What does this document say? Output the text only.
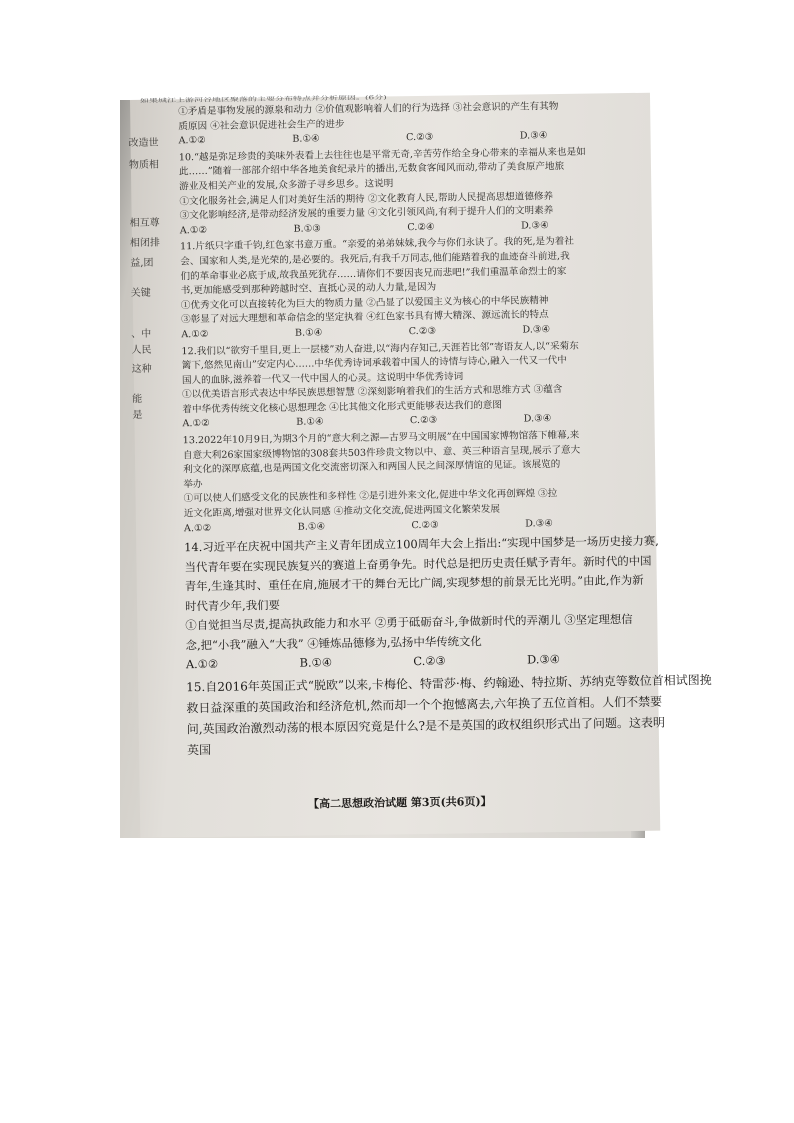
如果城江上游河谷地区聚落的主要分布特点并分析原因。(6分)
改造世
物质相
相互尊
相闭排
益,团
关键
、中
人民
这种
能
是
①矛盾是事物发展的源泉和动力 ②价值观影响着人们的行为选择 ③社会意识的产生有其物
质原因 ④社会意识促进社会生产的进步
A.①②	B.①④	C.②③	D.③④
10.“越是弥足珍贵的美味外表看上去往往也是平常无奇,辛苦劳作给全身心带来的幸福从来也是如
此……”随着一部部介绍中华各地美食纪录片的播出,无数食客闻风而动,带动了美食原产地旅
游业及相关产业的发展,众多游子寻乡思乡。这说明
①文化服务社会,满足人们对美好生活的期待 ②文化教育人民,帮助人民提高思想道德修养
③文化影响经济,是带动经济发展的重要力量 ④文化引领风尚,有利于提升人们的文明素养
A.①②	B.①③	C.②④	D.③④
11.片纸只字重千钧,红色家书意万重。“亲爱的弟弟妹妹,我今与你们永诀了。我的死,是为着社
会、国家和人类,是光荣的,是必要的。我死后,有我千万同志,他们能踏着我的血迹奋斗前进,我
们的革命事业必底于成,故我虽死犹存……请你们不要因丧兄而悲吧!”我们重温革命烈士的家
书,更加能感受到那种跨越时空、直抵心灵的动人力量,是因为
①优秀文化可以直接转化为巨大的物质力量 ②凸显了以爱国主义为核心的中华民族精神
③彰显了对远大理想和革命信念的坚定执着 ④红色家书具有博大精深、源远流长的特点
A.①②	B.①④	C.②③	D.③④
12.我们以“欲穷千里目,更上一层楼”劝人奋进,以“海内存知己,天涯若比邻”寄语友人,以“采菊东
篱下,悠然见南山”安定内心……中华优秀诗词承载着中国人的诗情与诗心,融入一代又一代中
国人的血脉,滋养着一代又一代中国人的心灵。这说明中华优秀诗词
①以优美语言形式表达中华民族思想智慧 ②深刻影响着我们的生活方式和思维方式 ③蕴含
着中华优秀传统文化核心思想理念 ④比其他文化形式更能够表达我们的意图
A.①②	B.①④	C.②③	D.③④
13.2022年10月9日,为期3个月的“意大利之源—古罗马文明展”在中国国家博物馆落下帷幕,来
自意大利26家国家级博物馆的308套共503件珍贵文物以中、意、英三种语言呈现,展示了意大
利文化的深厚底蕴,也是两国文化交流密切深入和两国人民之间深厚情谊的见证。该展览的
举办
①可以使人们感受文化的民族性和多样性 ②是引进外来文化,促进中华文化再创辉煌 ③拉
近文化距离,增强对世界文化认同感 ④推动文化交流,促进两国文化繁荣发展
A.①②	B.①④	C.②③	D.③④
14.习近平在庆祝中国共产主义青年团成立100周年大会上指出:“实现中国梦是一场历史接力赛,
当代青年要在实现民族复兴的赛道上奋勇争先。时代总是把历史责任赋予青年。新时代的中国
青年,生逢其时、重任在肩,施展才干的舞台无比广阔,实现梦想的前景无比光明。”由此,作为新
时代青少年,我们要
①自觉担当尽责,提高执政能力和水平 ②勇于砥砺奋斗,争做新时代的弄潮儿 ③坚定理想信
念,把“小我”融入“大我” ④锤炼品德修为,弘扬中华传统文化
A.①②	B.①④	C.②③	D.③④
15.自2016年英国正式“脱欧”以来,卡梅伦、特雷莎·梅、约翰逊、特拉斯、苏纳克等数位首相试图挽
救日益深重的英国政治和经济危机,然而却一个个抱憾离去,六年换了五位首相。人们不禁要
问,英国政治激烈动荡的根本原因究竟是什么?是不是英国的政权组织形式出了问题。这表明
英国
【高二思想政治试题 第3页(共6页)】
